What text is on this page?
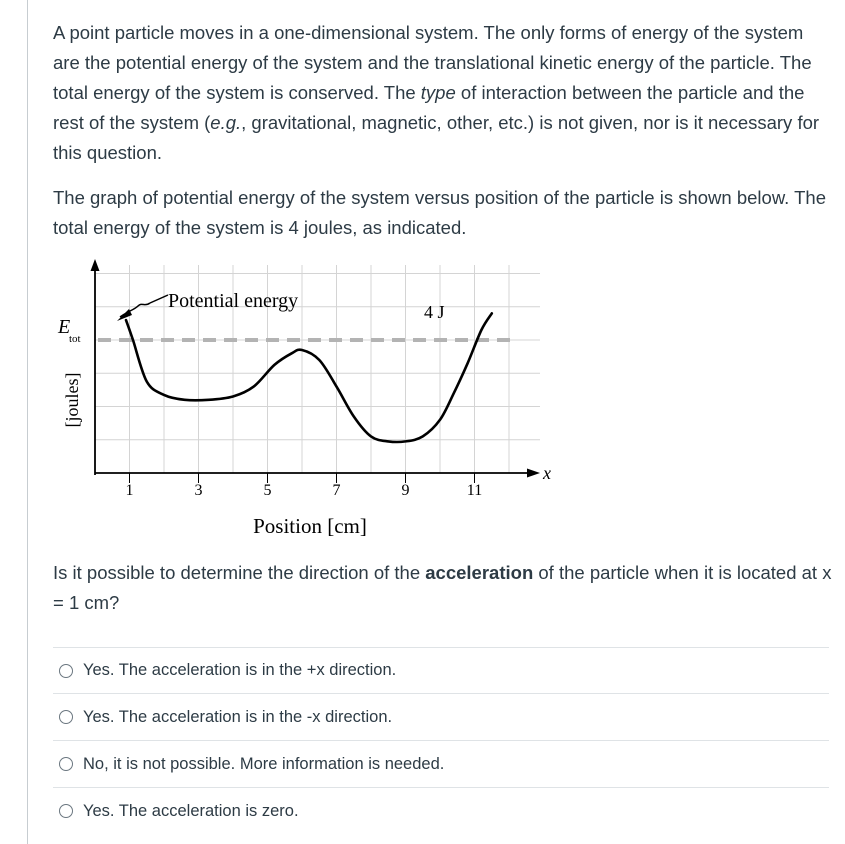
A point particle moves in a one-dimensional system. The only forms of energy of the system are the potential energy of the system and the translational kinetic energy of the particle. The total energy of the system is conserved. The type of interaction between the particle and the rest of the system (e.g., gravitational, magnetic, other, etc.) is not given, nor is it necessary for this question.

The graph of potential energy of the system versus position of the particle is shown below. The total energy of the system is 4 joules, as indicated.

x
E
tot
[joules]
4 J
Potential energy
1	3	5	7	9	11
Position [cm]

Is it possible to determine the direction of the acceleration of the particle when it is located at x = 1 cm?

Yes. The acceleration is in the +x direction.
Yes. The acceleration is in the -x direction.
No, it is not possible. More information is needed.
Yes. The acceleration is zero.
